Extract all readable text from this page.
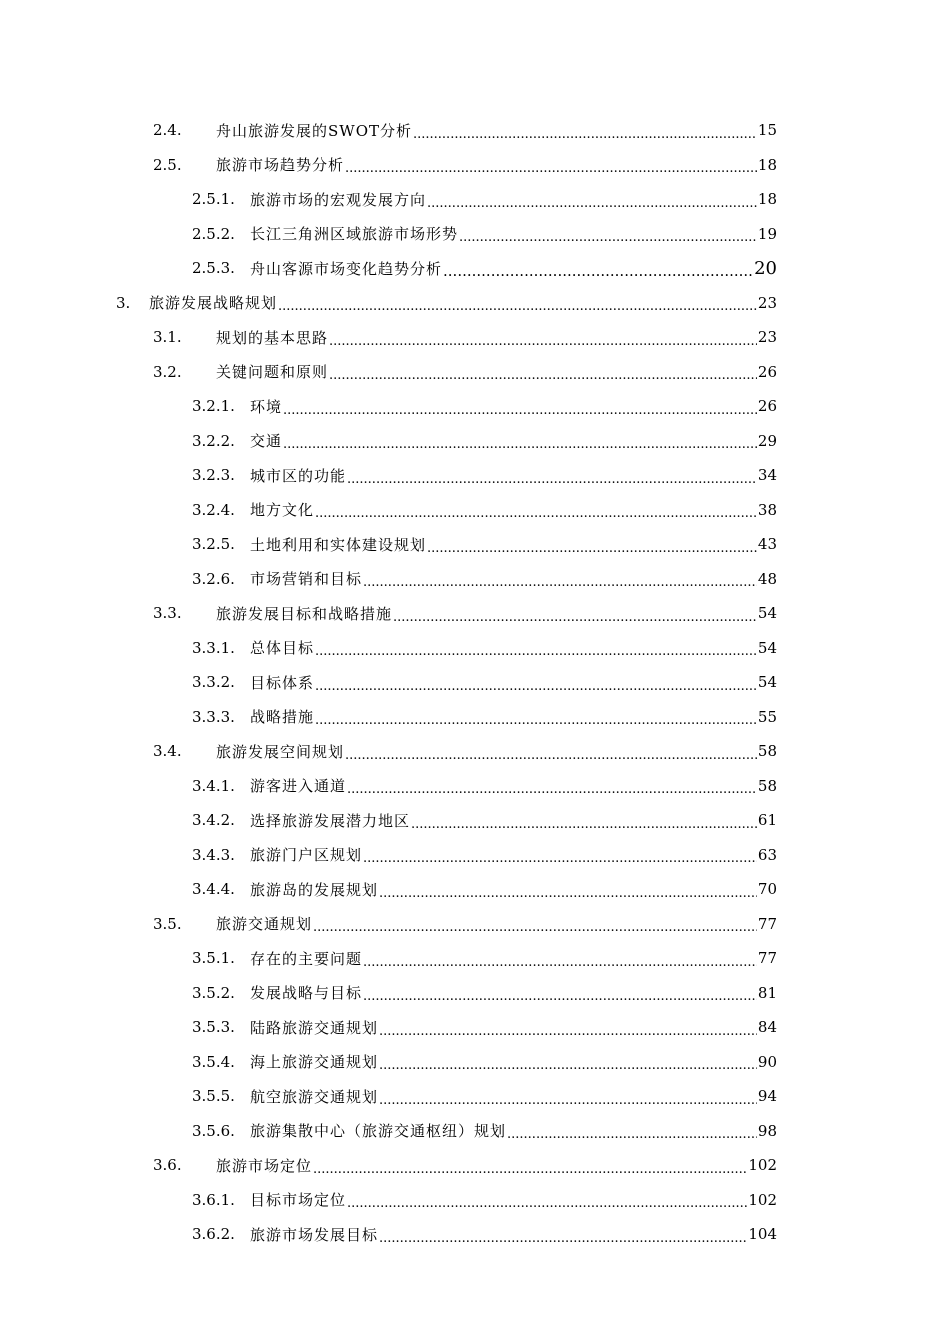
2.4.	舟山旅游发展的SWOT分析 .....	15
2.5.	旅游市场趋势分析 .....	18
2.5.1.	旅游市场的宏观发展方向 .....	18
2.5.2.	长江三角洲区域旅游市场形势 .....	19
2.5.3.	舟山客源市场变化趋势分析 .....	20
3.	旅游发展战略规划 .....	23
3.1.	规划的基本思路 .....	23
3.2.	关键问题和原则 .....	26
3.2.1.	环境 .....	26
3.2.2.	交通 .....	29
3.2.3.	城市区的功能 .....	34
3.2.4.	地方文化 .....	38
3.2.5.	土地利用和实体建设规划 .....	43
3.2.6.	市场营销和目标 .....	48
3.3.	旅游发展目标和战略措施 .....	54
3.3.1.	总体目标 .....	54
3.3.2.	目标体系 .....	54
3.3.3.	战略措施 .....	55
3.4.	旅游发展空间规划 .....	58
3.4.1.	游客进入通道 .....	58
3.4.2.	选择旅游发展潜力地区 .....	61
3.4.3.	旅游门户区规划 .....	63
3.4.4.	旅游岛的发展规划 .....	70
3.5.	旅游交通规划 .....	77
3.5.1.	存在的主要问题 .....	77
3.5.2.	发展战略与目标 .....	81
3.5.3.	陆路旅游交通规划 .....	84
3.5.4.	海上旅游交通规划 .....	90
3.5.5.	航空旅游交通规划 .....	94
3.5.6.	旅游集散中心（旅游交通枢纽）规划 .....	98
3.6.	旅游市场定位 .....	102
3.6.1.	目标市场定位 .....	102
3.6.2.	旅游市场发展目标 .....	104
